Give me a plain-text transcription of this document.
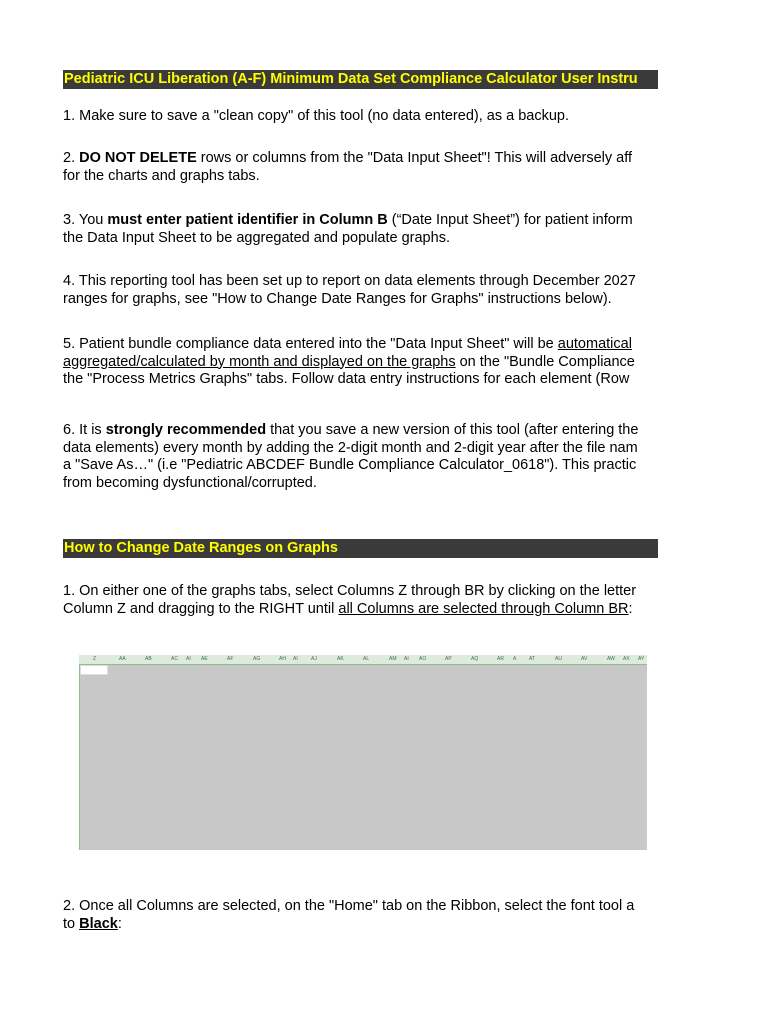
Pediatric ICU Liberation (A-F) Minimum Data Set Compliance Calculator User Instru
1. Make sure to save a "clean copy" of this tool (no data entered), as a backup.
2. DO NOT DELETE rows or columns from the "Data Input Sheet"! This will adversely aff
for the charts and graphs tabs.
3. You must enter patient identifier in Column B (“Date Input Sheet”) for patient inform
the Data Input Sheet to be aggregated and populate graphs.
4. This reporting tool has been set up to report on data elements through December 2027
ranges for graphs, see "How to Change Date Ranges for Graphs" instructions below).
5. Patient bundle compliance data entered into the "Data Input Sheet" will be automatical
aggregated/calculated by month and displayed on the graphs on the "Bundle Compliance
the "Process Metrics Graphs" tabs. Follow data entry instructions for each element (Row
6. It is strongly recommended that you save a new version of this tool (after entering the
data elements) every month by adding the 2-digit month and 2-digit year after the file nam
a "Save As…" (i.e "Pediatric ABCDEF Bundle Compliance Calculator_0618"). This practic
from becoming dysfunctional/corrupted.
How to Change Date Ranges on Graphs
1. On either one of the graphs tabs, select Columns Z through BR by clicking on the letter
Column Z and dragging to the RIGHT until all Columns are selected through Column BR:
Z	AA	AB	AC AI AE	AF	AG	AH AI	AJ	AK	AL	AM AI AO	AP	AQ	AR A	AT	AU	AV	AW AX AY
2. Once all Columns are selected, on the "Home" tab on the Ribbon, select the font tool a
to Black:
